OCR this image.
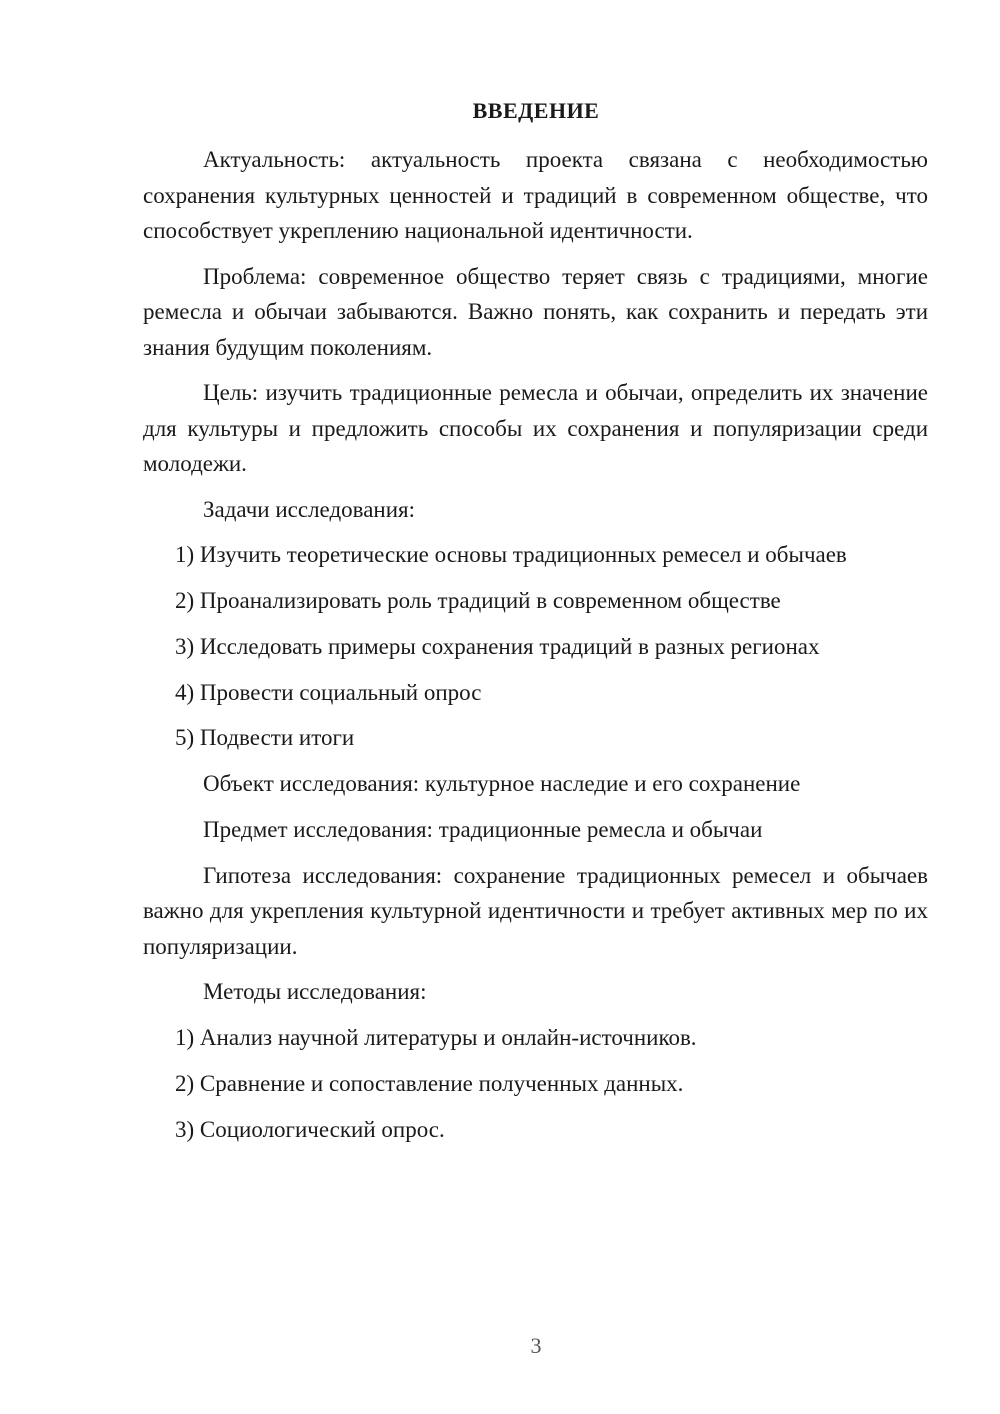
ВВЕДЕНИЕ

Актуальность: актуальность проекта связана с необходимостью сохранения культурных ценностей и традиций в современном обществе, что способствует укреплению национальной идентичности.

Проблема: современное общество теряет связь с традициями, многие ремесла и обычаи забываются. Важно понять, как сохранить и передать эти знания будущим поколениям.

Цель: изучить традиционные ремесла и обычаи, определить их значение для культуры и предложить способы их сохранения и популяризации среди молодежи.

Задачи исследования:

1) Изучить теоретические основы традиционных ремесел и обычаев

2) Проанализировать роль традиций в современном обществе

3) Исследовать примеры сохранения традиций в разных регионах

4) Провести социальный опрос

5) Подвести итоги

Объект исследования: культурное наследие и его сохранение

Предмет исследования: традиционные ремесла и обычаи

Гипотеза исследования: сохранение традиционных ремесел и обычаев важно для укрепления культурной идентичности и требует активных мер по их популяризации.

Методы исследования:

1) Анализ научной литературы и онлайн-источников.

2) Сравнение и сопоставление полученных данных.

3) Социологический опрос.

3
